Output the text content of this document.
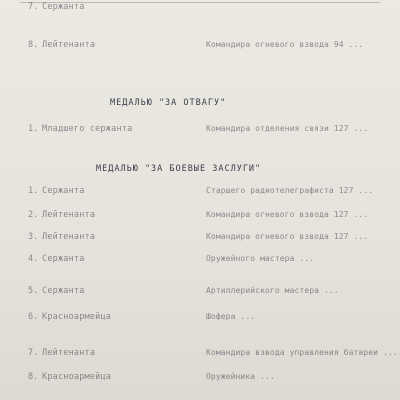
7. Сержанта
8. Лейтенанта	Командира огневого взвода 94 ...
МЕДАЛЬЮ "ЗА ОТВАГУ"
1. Младшего сержанта	Командира отделения связи 127 ...
МЕДАЛЬЮ "ЗА БОЕВЫЕ ЗАСЛУГИ"
1. Сержанта	Старшего радиотелеграфиста 127 ...
2. Лейтенанта	Командира огневого взвода 127 ...
3. Лейтенанта	Командира огневого взвода 127 ...
4. Сержанта	Оружейного мастера ...
5. Сержанта	Артиллерийского мастера ...
6. Красноармейца	Шофера ...
7. Лейтенанта	Командира взвода управления батареи ...
8. Красноармейца	Оружейника ...
